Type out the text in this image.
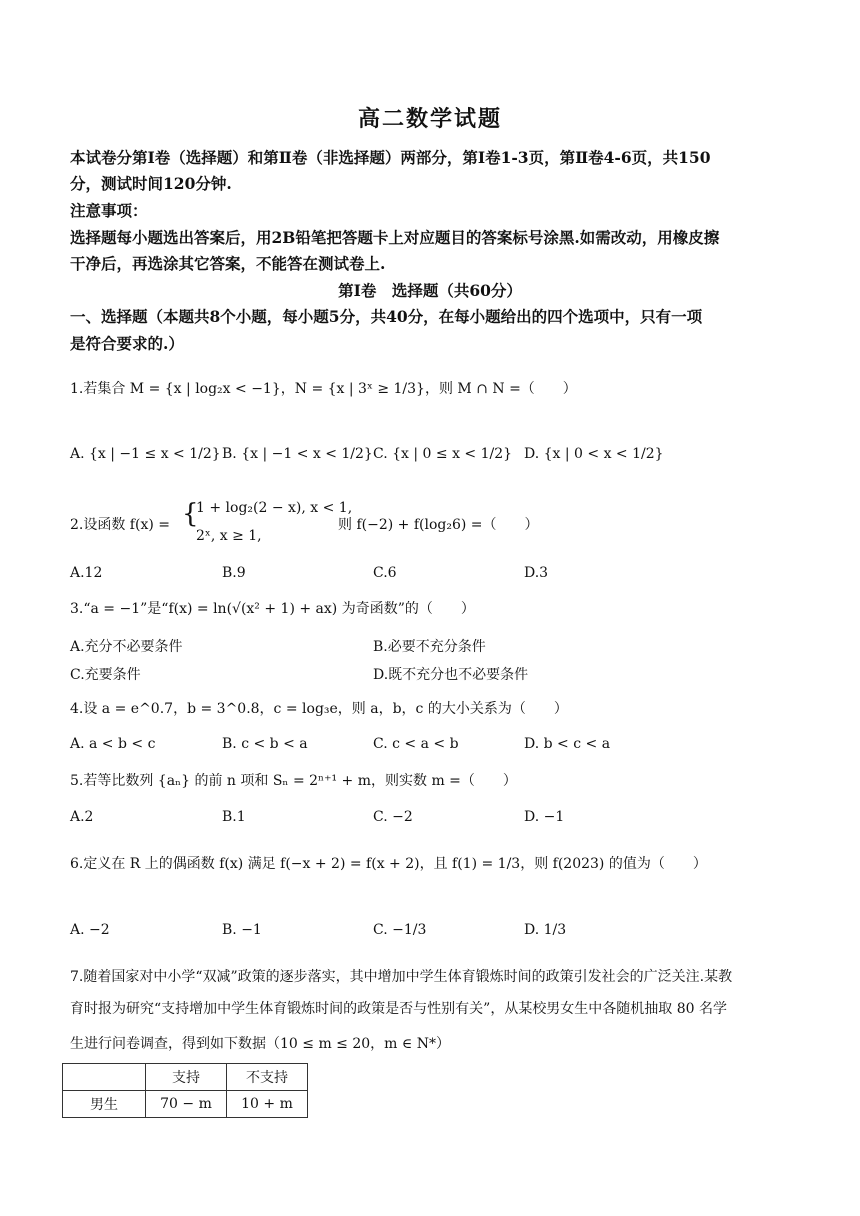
高二数学试题
本试卷分第Ⅰ卷（选择题）和第Ⅱ卷（非选择题）两部分，第Ⅰ卷1-3页，第Ⅱ卷4-6页，共150
分，测试时间120分钟.
注意事项：
选择题每小题选出答案后，用2B铅笔把答题卡上对应题目的答案标号涂黑.如需改动，用橡皮擦
干净后，再选涂其它答案，不能答在测试卷上.
第Ⅰ卷　选择题（共60分）
一、选择题（本题共8个小题，每小题5分，共40分，在每小题给出的四个选项中，只有一项
是符合要求的.）
1.若集合 M = {x | log₂x < −1}，N = {x | 3ˣ ≥ 1/3}，则 M ∩ N =（　　）
A. {x | −1 ≤ x < 1/2} B. {x | −1 < x < 1/2} C. {x | 0 ≤ x < 1/2} D. {x | 0 < x < 1/2}
2.设函数 f(x) = {
1 + log₂(2 − x), x < 1,
2ˣ, x ≥ 1,
则 f(−2) + f(log₂6) =（　　）
A.12	B.9	C.6	D.3
3.“a = −1”是“f(x) = ln(√(x² + 1) + ax) 为奇函数”的（　　）
A.充分不必要条件	B.必要不充分条件
C.充要条件	D.既不充分也不必要条件
4.设 a = e^0.7，b = 3^0.8，c = log₃e，则 a，b，c 的大小关系为（　　）
A. a < b < c	B. c < b < a	C. c < a < b	D. b < c < a
5.若等比数列 {aₙ} 的前 n 项和 Sₙ = 2ⁿ⁺¹ + m，则实数 m =（　　）
A.2	B.1	C. −2	D. −1
6.定义在 R 上的偶函数 f(x) 满足 f(−x + 2) = f(x + 2)，且 f(1) = 1/3，则 f(2023) 的值为（　　）
A. −2	B. −1	C. −1/3	D. 1/3
7.随着国家对中小学“双减”政策的逐步落实，其中增加中学生体育锻炼时间的政策引发社会的广泛关注.某教
育时报为研究“支持增加中学生体育锻炼时间的政策是否与性别有关”，从某校男女生中各随机抽取 80 名学
生进行问卷调查，得到如下数据（10 ≤ m ≤ 20，m ∈ N*）
	支持	不支持
男生	70 − m	10 + m
